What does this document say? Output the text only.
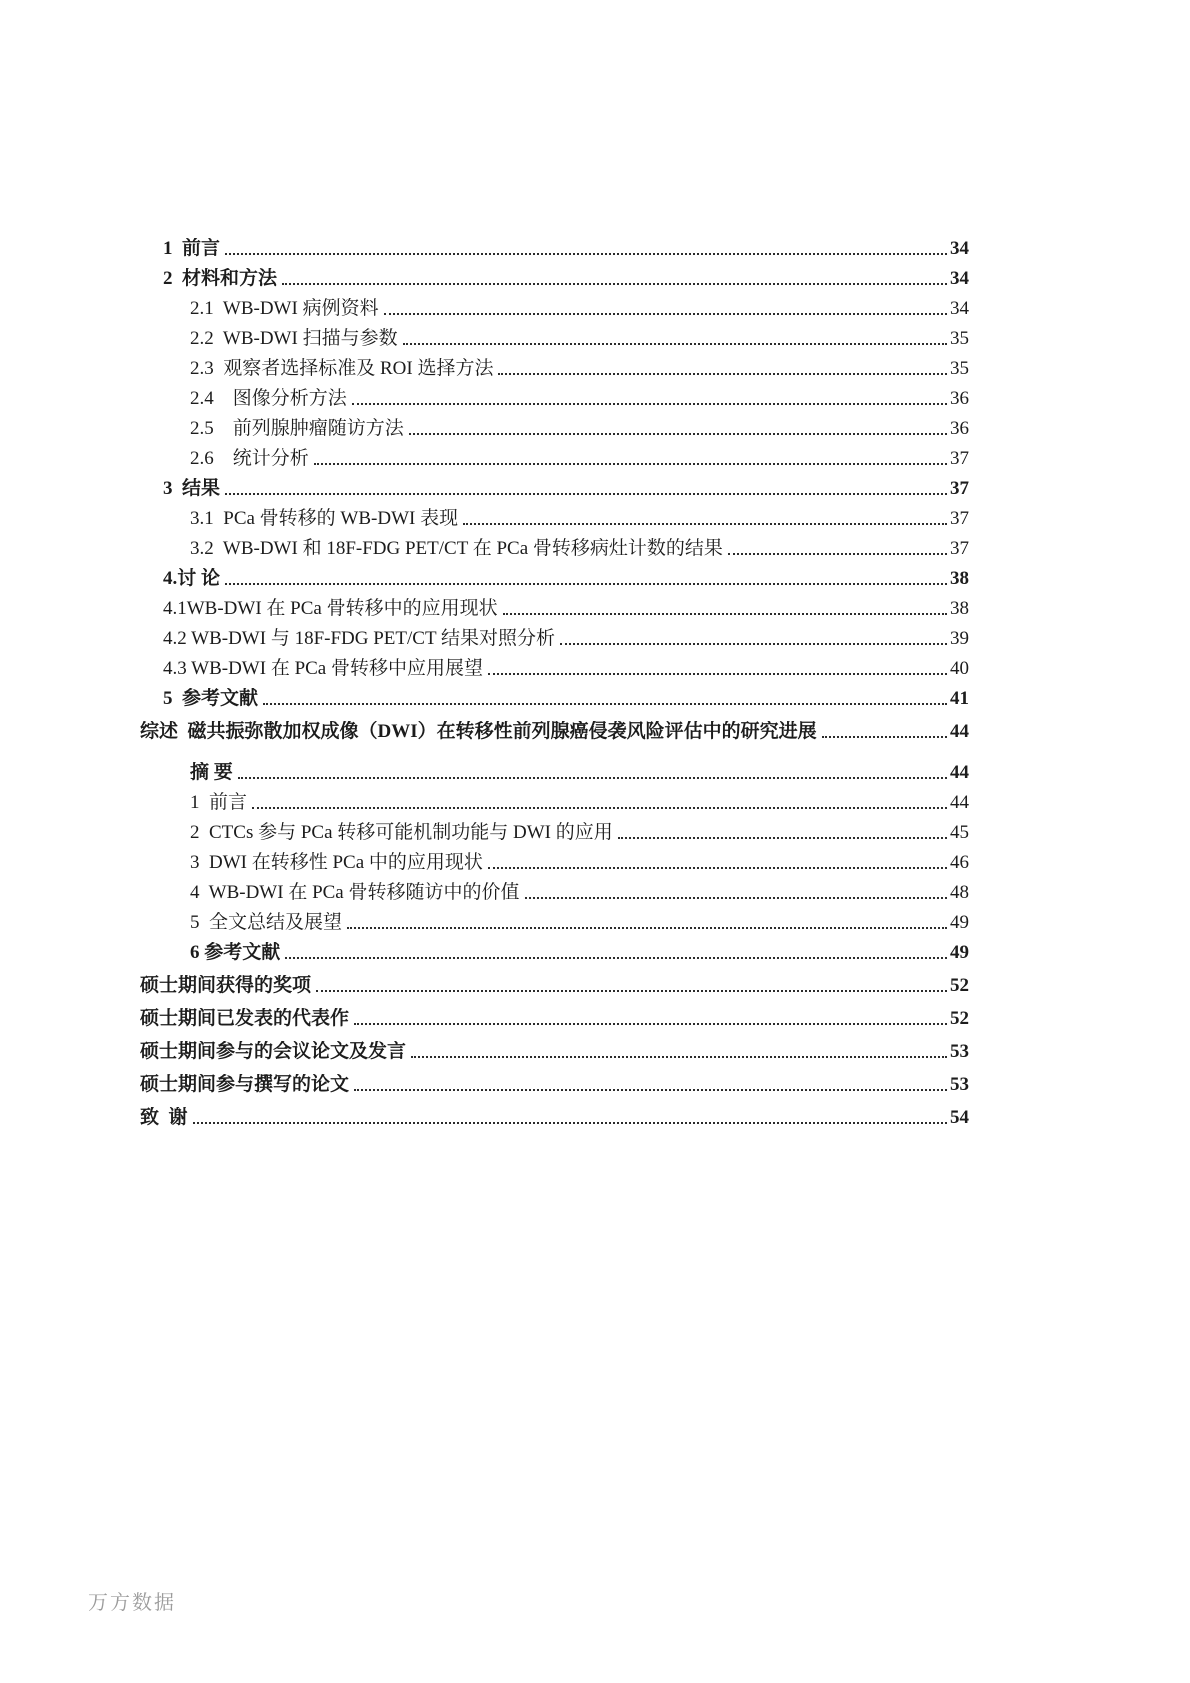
1  前言	34
2  材料和方法	34
2.1  WB-DWI 病例资料	34
2.2  WB-DWI 扫描与参数	35
2.3  观察者选择标准及 ROI 选择方法	35
2.4    图像分析方法	36
2.5    前列腺肿瘤随访方法	36
2.6    统计分析	37
3  结果	37
3.1  PCa 骨转移的 WB-DWI 表现	37
3.2  WB-DWI 和 18F-FDG PET/CT 在 PCa 骨转移病灶计数的结果	37
4.讨 论	38
4.1WB-DWI 在 PCa 骨转移中的应用现状	38
4.2 WB-DWI 与 18F-FDG PET/CT 结果对照分析	39
4.3 WB-DWI 在 PCa 骨转移中应用展望	40
5  参考文献	41
综述  磁共振弥散加权成像（DWI）在转移性前列腺癌侵袭风险评估中的研究进展	44
摘 要	44
1  前言	44
2  CTCs 参与 PCa 转移可能机制功能与 DWI 的应用	45
3  DWI 在转移性 PCa 中的应用现状	46
4  WB-DWI 在 PCa 骨转移随访中的价值	48
5  全文总结及展望	49
6 参考文献	49
硕士期间获得的奖项	52
硕士期间已发表的代表作	52
硕士期间参与的会议论文及发言	53
硕士期间参与撰写的论文	53
致  谢	54
万方数据
